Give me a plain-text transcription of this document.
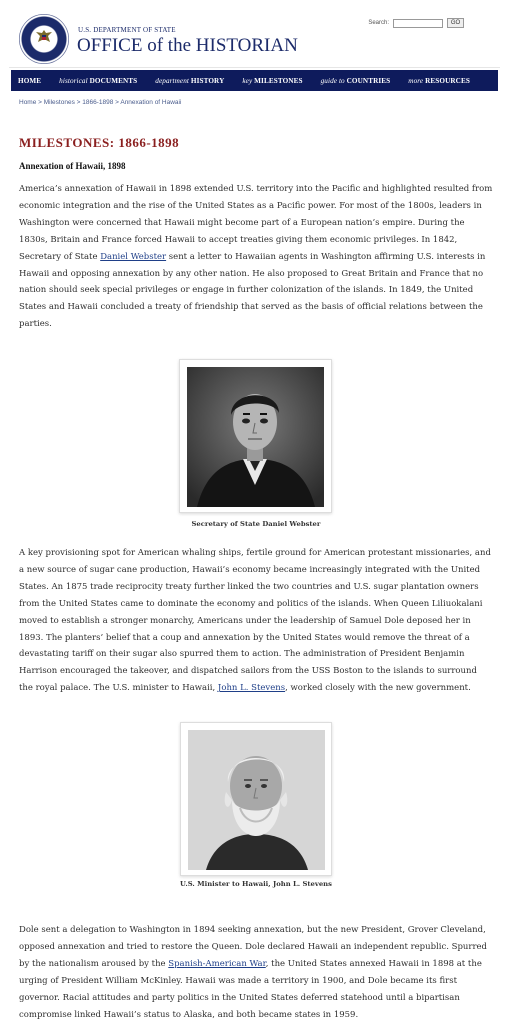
U.S. DEPARTMENT OF STATE
OFFICE of the HISTORIAN
Search:	GO
HOME	historical DOCUMENTS	department HISTORY	key MILESTONES	guide to COUNTRIES	more RESOURCES
Home > Milestones > 1866-1898 > Annexation of Hawaii
MILESTONES: 1866-1898
Annexation of Hawaii, 1898

America’s annexation of Hawaii in 1898 extended U.S. territory into the Pacific and highlighted resulted from economic integration and the rise of the United States as a Pacific power. For most of the 1800s, leaders in Washington were concerned that Hawaii might become part of a European nation’s empire. During the 1830s, Britain and France forced Hawaii to accept treaties giving them economic privileges. In 1842, Secretary of State Daniel Webster sent a letter to Hawaiian agents in Washington affirming U.S. interests in Hawaii and opposing annexation by any other nation. He also proposed to Great Britain and France that no nation should seek special privileges or engage in further colonization of the islands. In 1849, the United States and Hawaii concluded a treaty of friendship that served as the basis of official relations between the parties.

Secretary of State Daniel Webster

A key provisioning spot for American whaling ships, fertile ground for American protestant missionaries, and a new source of sugar cane production, Hawaii’s economy became increasingly integrated with the United States. An 1875 trade reciprocity treaty further linked the two countries and U.S. sugar plantation owners from the United States came to dominate the economy and politics of the islands. When Queen Liliuokalani moved to establish a stronger monarchy, Americans under the leadership of Samuel Dole deposed her in 1893. The planters’ belief that a coup and annexation by the United States would remove the threat of a devastating tariff on their sugar also spurred them to action. The administration of President Benjamin Harrison encouraged the takeover, and dispatched sailors from the USS Boston to the islands to surround the royal palace. The U.S. minister to Hawaii, John L. Stevens, worked closely with the new government.

U.S. Minister to Hawaii, John L. Stevens

Dole sent a delegation to Washington in 1894 seeking annexation, but the new President, Grover Cleveland, opposed annexation and tried to restore the Queen. Dole declared Hawaii an independent republic. Spurred by the nationalism aroused by the Spanish-American War, the United States annexed Hawaii in 1898 at the urging of President William McKinley. Hawaii was made a territory in 1900, and Dole became its first governor. Racial attitudes and party politics in the United States deferred statehood until a bipartisan compromise linked Hawaii’s status to Alaska, and both became states in 1959.
